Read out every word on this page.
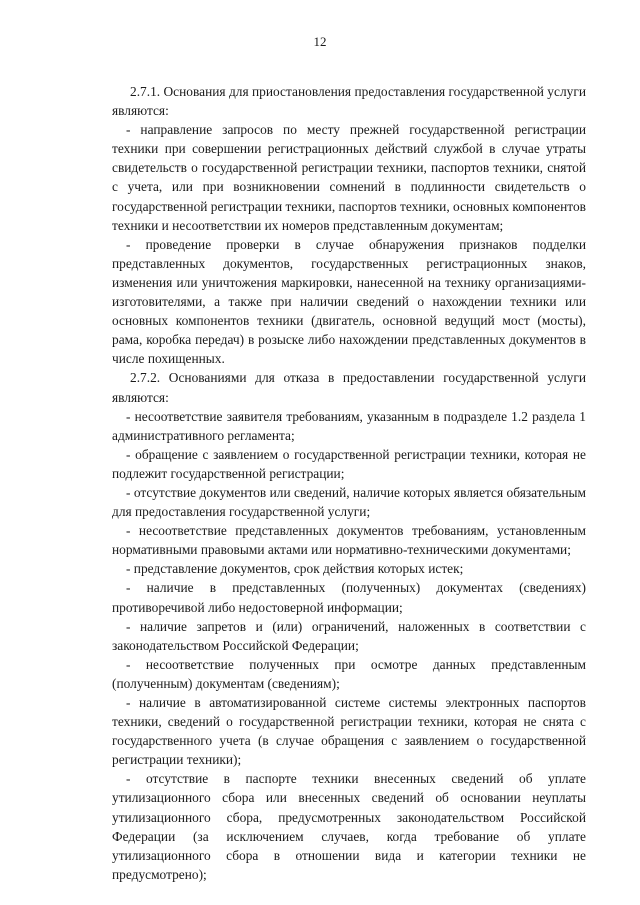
12

2.7.1. Основания для приостановления предоставления государственной услуги являются:

- направление запросов по месту прежней государственной регистрации техники при совершении регистрационных действий службой в случае утраты свидетельств о государственной регистрации техники, паспортов техники, снятой с учета, или при возникновении сомнений в подлинности свидетельств о государственной регистрации техники, паспортов техники, основных компонентов техники и несоответствии их номеров представленным документам;

- проведение проверки в случае обнаружения признаков подделки представленных документов, государственных регистрационных знаков, изменения или уничтожения маркировки, нанесенной на технику организациями-изготовителями, а также при наличии сведений о нахождении техники или основных компонентов техники (двигатель, основной ведущий мост (мосты), рама, коробка передач) в розыске либо нахождении представленных документов в числе похищенных.

2.7.2. Основаниями для отказа в предоставлении государственной услуги являются:

- несоответствие заявителя требованиям, указанным в подразделе 1.2 раздела 1 административного регламента;

- обращение с заявлением о государственной регистрации техники, которая не подлежит государственной регистрации;

- отсутствие документов или сведений, наличие которых является обязательным для предоставления государственной услуги;

- несоответствие представленных документов требованиям, установленным нормативными правовыми актами или нормативно-техническими документами;

- представление документов, срок действия которых истек;

- наличие в представленных (полученных) документах (сведениях) противоречивой либо недостоверной информации;

- наличие запретов и (или) ограничений, наложенных в соответствии с законодательством Российской Федерации;

- несоответствие полученных при осмотре данных представленным (полученным) документам (сведениям);

- наличие в автоматизированной системе системы электронных паспортов техники, сведений о государственной регистрации техники, которая не снята с государственного учета (в случае обращения с заявлением о государственной регистрации техники);

- отсутствие в паспорте техники внесенных сведений об уплате утилизационного сбора или внесенных сведений об основании неуплаты утилизационного сбора, предусмотренных законодательством Российской Федерации (за исключением случаев, когда требование об уплате утилизационного сбора в отношении вида и категории техники не предусмотрено);
